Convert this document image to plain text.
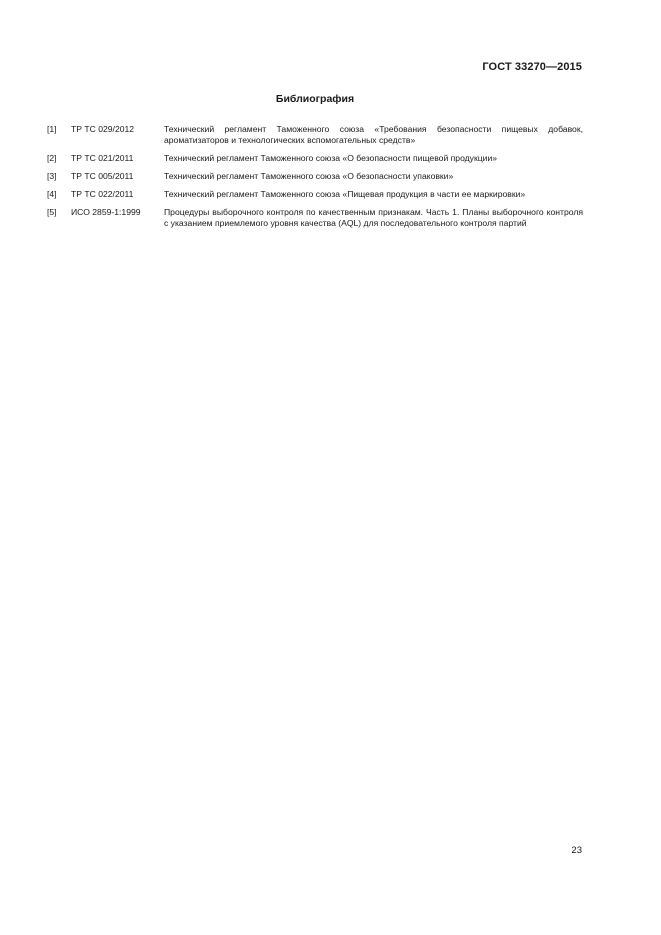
ГОСТ 33270—2015
Библиография
[1]	ТР ТС 029/2012	Технический регламент Таможенного союза «Требования безопасности пищевых добавок, ароматизаторов и технологических вспомогательных средств»
[2]	ТР ТС 021/2011	Технический регламент Таможенного союза «О безопасности пищевой продукции»
[3]	ТР ТС 005/2011	Технический регламент Таможенного союза «О безопасности упаковки»
[4]	ТР ТС 022/2011	Технический регламент Таможенного союза «Пищевая продукция в части ее маркировки»
[5]	ИСО 2859-1:1999	Процедуры выборочного контроля по качественным признакам. Часть 1. Планы выборочного контроля с указанием приемлемого уровня качества (AQL) для последовательного контроля партий
23
